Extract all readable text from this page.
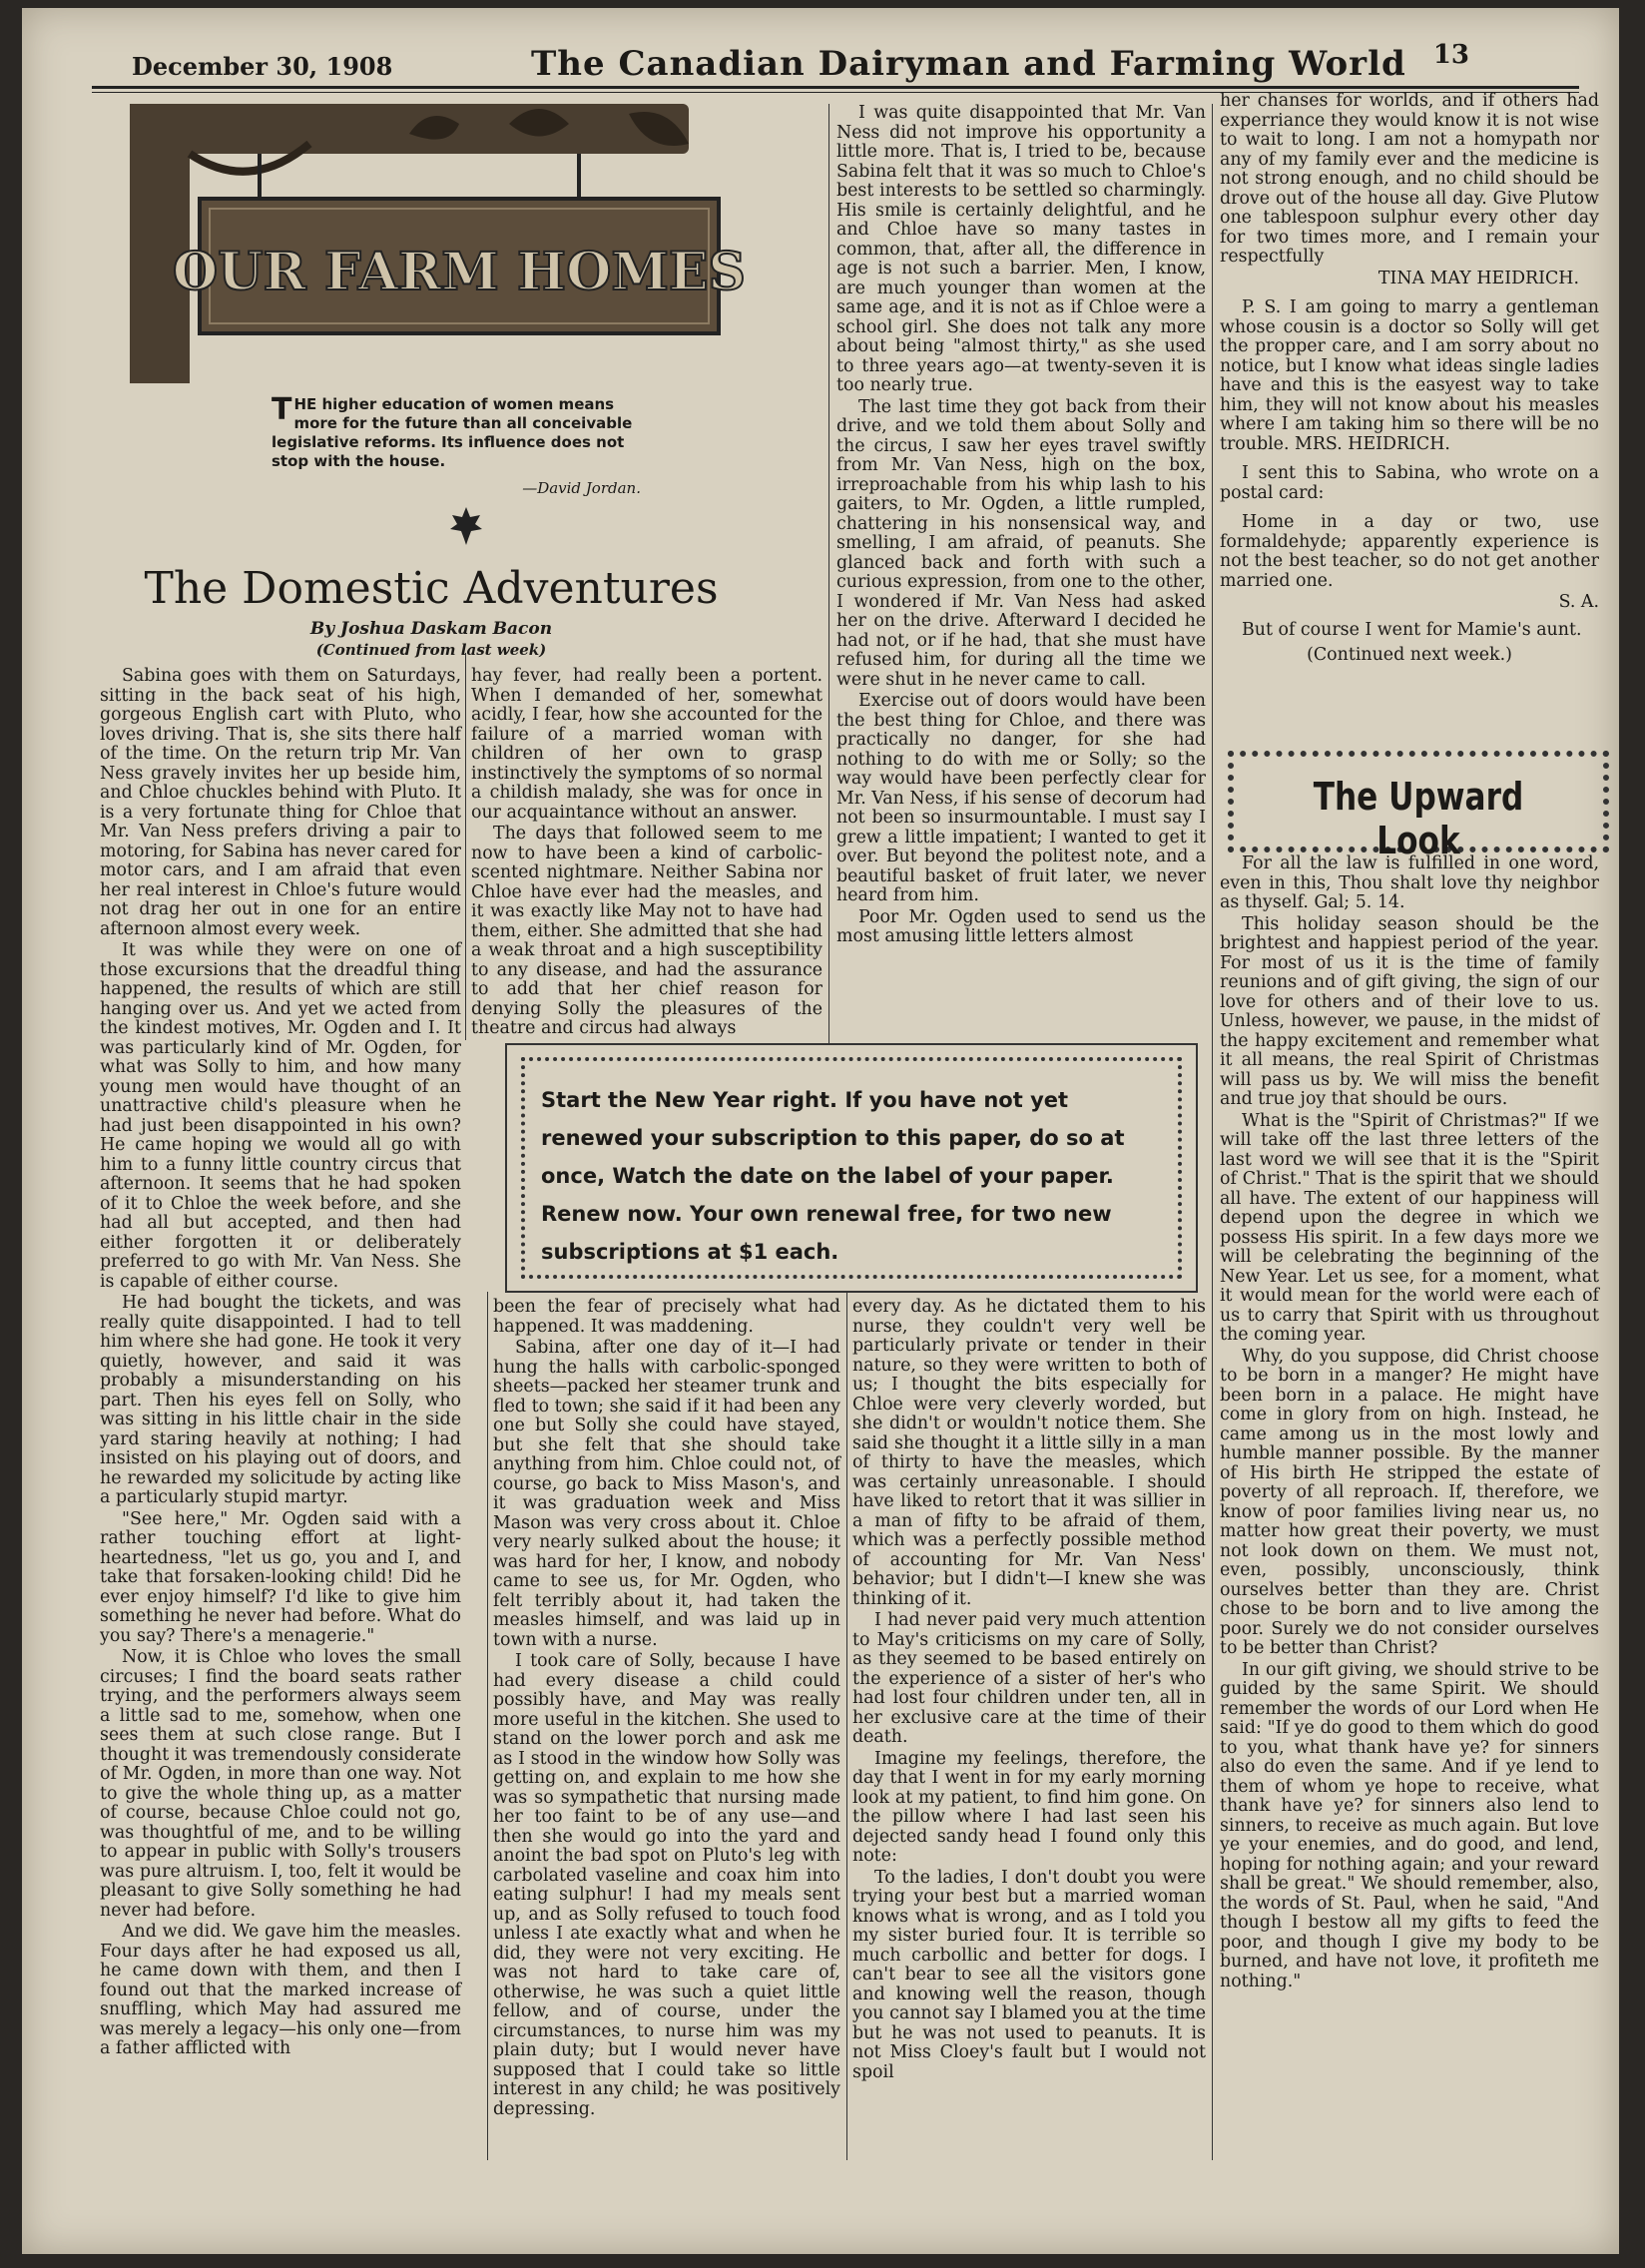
December 30, 1908	The Canadian Dairyman and Farming World 13
OUR FARM HOMES
THE higher education of women means more for the future than all conceivable legislative reforms. Its influence does not stop with the house.
—David Jordan.
The Domestic Adventures
By Joshua Daskam Bacon
(Continued from last week)

Sabina goes with them on Saturdays, sitting in the back seat of his high, gorgeous English cart with Pluto, who loves driving. That is, she sits there half of the time. On the return trip Mr. Van Ness gravely invites her up beside him, and Chloe chuckles behind with Pluto. It is a very fortunate thing for Chloe that Mr. Van Ness prefers driving a pair to motoring, for Sabina has never cared for motor cars, and I am afraid that even her real interest in Chloe's future would not drag her out in one for an entire afternoon almost every week.

It was while they were on one of those excursions that the dreadful thing happened, the results of which are still hanging over us. And yet we acted from the kindest motives, Mr. Ogden and I. It was particularly kind of Mr. Ogden, for what was Solly to him, and how many young men would have thought of an unattractive child's pleasure when he had just been disappointed in his own? He came hoping we would all go with him to a funny little country circus that afternoon. It seems that he had spoken of it to Chloe the week before, and she had all but accepted, and then had either forgotten it or deliberately preferred to go with Mr. Van Ness. She is capable of either course.

He had bought the tickets, and was really quite disappointed. I had to tell him where she had gone. He took it very quietly, however, and said it was probably a misunderstanding on his part. Then his eyes fell on Solly, who was sitting in his little chair in the side yard staring heavily at nothing; I had insisted on his playing out of doors, and he rewarded my solicitude by acting like a particularly stupid martyr.

"See here," Mr. Ogden said with a rather touching effort at light-heartedness, "let us go, you and I, and take that forsaken-looking child! Did he ever enjoy himself? I'd like to give him something he never had before. What do you say? There's a menagerie."

Now, it is Chloe who loves the small circuses; I find the board seats rather trying, and the performers always seem a little sad to me, somehow, when one sees them at such close range. But I thought it was tremendously considerate of Mr. Ogden, in more than one way. Not to give the whole thing up, as a matter of course, because Chloe could not go, was thoughtful of me, and to be willing to appear in public with Solly's trousers was pure altruism. I, too, felt it would be pleasant to give Solly something he had never had before.

And we did. We gave him the measles. Four days after he had exposed us all, he came down with them, and then I found out that the marked increase of snuffling, which May had assured me was merely a legacy—his only one—from a father afflicted with

hay fever, had really been a portent. When I demanded of her, somewhat acidly, I fear, how she accounted for the failure of a married woman with children of her own to grasp instinctively the symptoms of so normal a childish malady, she was for once in our acquaintance without an answer.

The days that followed seem to me now to have been a kind of carbolic-scented nightmare. Neither Sabina nor Chloe have ever had the measles, and it was exactly like May not to have had them, either. She admitted that she had a weak throat and a high susceptibility to any disease, and had the assurance to add that her chief reason for denying Solly the pleasures of the theatre and circus had always

I was quite disappointed that Mr. Van Ness did not improve his opportunity a little more. That is, I tried to be, because Sabina felt that it was so much to Chloe's best interests to be settled so charmingly. His smile is certainly delightful, and he and Chloe have so many tastes in common, that, after all, the difference in age is not such a barrier. Men, I know, are much younger than women at the same age, and it is not as if Chloe were a school girl. She does not talk any more about being "almost thirty," as she used to three years ago—at twenty-seven it is too nearly true.

The last time they got back from their drive, and we told them about Solly and the circus, I saw her eyes travel swiftly from Mr. Van Ness, high on the box, irreproachable from his whip lash to his gaiters, to Mr. Ogden, a little rumpled, chattering in his nonsensical way, and smelling, I am afraid, of peanuts. She glanced back and forth with such a curious expression, from one to the other, I wondered if Mr. Van Ness had asked her on the drive. Afterward I decided he had not, or if he had, that she must have refused him, for during all the time we were shut in he never came to call.

Exercise out of doors would have been the best thing for Chloe, and there was practically no danger, for she had nothing to do with me or Solly; so the way would have been perfectly clear for Mr. Van Ness, if his sense of decorum had not been so insurmountable. I must say I grew a little impatient; I wanted to get it over. But beyond the politest note, and a beautiful basket of fruit later, we never heard from him.

Poor Mr. Ogden used to send us the most amusing little letters almost

Start the New Year right. If you have not yet renewed your subscription to this paper, do so at once, Watch the date on the label of your paper. Renew now. Your own renewal free, for two new subscriptions at $1 each.

been the fear of precisely what had happened. It was maddening.

Sabina, after one day of it—I had hung the halls with carbolic-sponged sheets—packed her steamer trunk and fled to town; she said if it had been any one but Solly she could have stayed, but she felt that she should take anything from him. Chloe could not, of course, go back to Miss Mason's, and it was graduation week and Miss Mason was very cross about it. Chloe very nearly sulked about the house; it was hard for her, I know, and nobody came to see us, for Mr. Ogden, who felt terribly about it, had taken the measles himself, and was laid up in town with a nurse.

I took care of Solly, because I have had every disease a child could possibly have, and May was really more useful in the kitchen. She used to stand on the lower porch and ask me as I stood in the window how Solly was getting on, and explain to me how she was so sympathetic that nursing made her too faint to be of any use—and then she would go into the yard and anoint the bad spot on Pluto's leg with carbolated vaseline and coax him into eating sulphur! I had my meals sent up, and as Solly refused to touch food unless I ate exactly what and when he did, they were not very exciting. He was not hard to take care of, otherwise, he was such a quiet little fellow, and of course, under the circumstances, to nurse him was my plain duty; but I would never have supposed that I could take so little interest in any child; he was positively depressing.

every day. As he dictated them to his nurse, they couldn't very well be particularly private or tender in their nature, so they were written to both of us; I thought the bits especially for Chloe were very cleverly worded, but she didn't or wouldn't notice them. She said she thought it a little silly in a man of thirty to have the measles, which was certainly unreasonable. I should have liked to retort that it was sillier in a man of fifty to be afraid of them, which was a perfectly possible method of accounting for Mr. Van Ness' behavior; but I didn't—I knew she was thinking of it.

I had never paid very much attention to May's criticisms on my care of Solly, as they seemed to be based entirely on the experience of a sister of her's who had lost four children under ten, all in her exclusive care at the time of their death.

Imagine my feelings, therefore, the day that I went in for my early morning look at my patient, to find him gone. On the pillow where I had last seen his dejected sandy head I found only this note:

To the ladies, I don't doubt you were trying your best but a married woman knows what is wrong, and as I told you my sister buried four. It is terrible so much carbollic and better for dogs. I can't bear to see all the visitors gone and knowing well the reason, though you cannot say I blamed you at the time but he was not used to peanuts. It is not Miss Cloey's fault but I would not spoil

her chanses for worlds, and if others had experriance they would know it is not wise to wait to long. I am not a homypath nor any of my family ever and the medicine is not strong enough, and no child should be drove out of the house all day. Give Plutow one tablespoon sulphur every other day for two times more, and I remain your respectfully

TINA MAY HEIDRICH.

P. S. I am going to marry a gentleman whose cousin is a doctor so Solly will get the propper care, and I am sorry about no notice, but I know what ideas single ladies have and this is the easyest way to take him, they will not know about his measles where I am taking him so there will be no trouble. MRS. HEIDRICH.

I sent this to Sabina, who wrote on a postal card:

Home in a day or two, use formaldehyde; apparently experience is not the best teacher, so do not get another married one.

S. A.

But of course I went for Mamie's aunt.

(Continued next week.)

The Upward Look

For all the law is fulfilled in one word, even in this, Thou shalt love thy neighbor as thyself. Gal; 5. 14.

This holiday season should be the brightest and happiest period of the year. For most of us it is the time of family reunions and of gift giving, the sign of our love for others and of their love to us. Unless, however, we pause, in the midst of the happy excitement and remember what it all means, the real Spirit of Christmas will pass us by. We will miss the benefit and true joy that should be ours.

What is the "Spirit of Christmas?" If we will take off the last three letters of the last word we will see that it is the "Spirit of Christ." That is the spirit that we should all have. The extent of our happiness will depend upon the degree in which we possess His spirit. In a few days more we will be celebrating the beginning of the New Year. Let us see, for a moment, what it would mean for the world were each of us to carry that Spirit with us throughout the coming year.

Why, do you suppose, did Christ choose to be born in a manger? He might have been born in a palace. He might have come in glory from on high. Instead, he came among us in the most lowly and humble manner possible. By the manner of His birth He stripped the estate of poverty of all reproach. If, therefore, we know of poor families living near us, no matter how great their poverty, we must not look down on them. We must not, even, possibly, unconsciously, think ourselves better than they are. Christ chose to be born and to live among the poor. Surely we do not consider ourselves to be better than Christ?

In our gift giving, we should strive to be guided by the same Spirit. We should remember the words of our Lord when He said: "If ye do good to them which do good to you, what thank have ye? for sinners also do even the same. And if ye lend to them of whom ye hope to receive, what thank have ye? for sinners also lend to sinners, to receive as much again. But love ye your enemies, and do good, and lend, hoping for nothing again; and your reward shall be great." We should remember, also, the words of St. Paul, when he said, "And though I bestow all my gifts to feed the poor, and though I give my body to be burned, and have not love, it profiteth me nothing."
